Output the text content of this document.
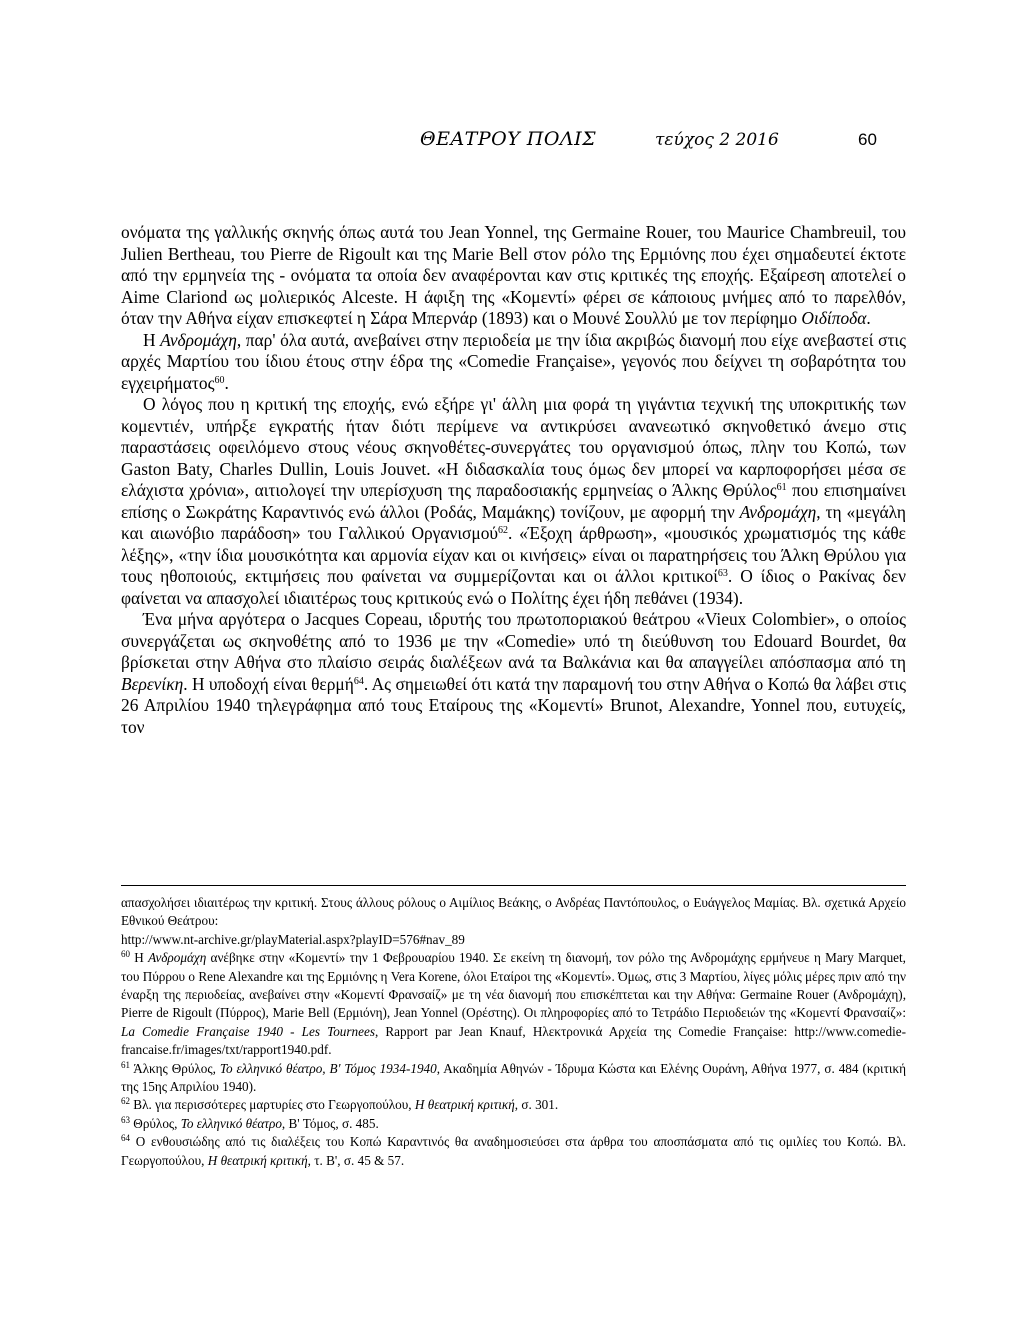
ΘΕΑΤΡΟΥ ΠΟΛΙΣ	τεύχος 2 2016	60

ονόματα της γαλλικής σκηνής όπως αυτά του Jean Yonnel, της Germaine Rouer, του Maurice Chambreuil, του Julien Bertheau, του Pierre de Rigoult και της Marie Bell στον ρόλο της Ερμιόνης που έχει σημαδευτεί έκτοτε από την ερμηνεία της - ονόματα τα οποία δεν αναφέρονται καν στις κριτικές της εποχής. Εξαίρεση αποτελεί ο Aime Clariond ως μολιερικός Alceste. Η άφιξη της «Κομεντί» φέρει σε κάποιους μνήμες από το παρελθόν, όταν την Αθήνα είχαν επισκεφτεί η Σάρα Μπερνάρ (1893) και ο Μουνέ Σουλλύ με τον περίφημο Οιδίποδα.

Η Ανδρομάχη, παρ' όλα αυτά, ανεβαίνει στην περιοδεία με την ίδια ακριβώς διανομή που είχε ανεβαστεί στις αρχές Μαρτίου του ίδιου έτους στην έδρα της «Comedie Française», γεγονός που δείχνει τη σοβαρότητα του εγχειρήματος$^{60}$.

Ο λόγος που η κριτική της εποχής, ενώ εξήρε γι' άλλη μια φορά τη γιγάντια τεχνική της υποκριτικής των κομεντιέν, υπήρξε εγκρατής ήταν διότι περίμενε να αντικρύσει ανανεωτικό σκηνοθετικό άνεμο στις παραστάσεις οφειλόμενο στους νέους σκηνοθέτες-συνεργάτες του οργανισμού όπως, πλην του Κοπώ, των Gaston Baty, Charles Dullin, Louis Jouvet. «Η διδασκαλία τους όμως δεν μπορεί να καρποφορήσει μέσα σε ελάχιστα χρόνια», αιτιολογεί την υπερίσχυση της παραδοσιακής ερμηνείας ο Άλκης Θρύλος$^{61}$ που επισημαίνει επίσης ο Σωκράτης Καραντινός ενώ άλλοι (Ροδάς, Μαμάκης) τονίζουν, με αφορμή την Ανδρομάχη, τη «μεγάλη και αιωνόβιο παράδοση» του Γαλλικού Οργανισμού$^{62}$. «Έξοχη άρθρωση», «μουσικός χρωματισμός της κάθε λέξης», «την ίδια μουσικότητα και αρμονία είχαν και οι κινήσεις» είναι οι παρατηρήσεις του Άλκη Θρύλου για τους ηθοποιούς, εκτιμήσεις που φαίνεται να συμμερίζονται και οι άλλοι κριτικοί$^{63}$. Ο ίδιος ο Ρακίνας δεν φαίνεται να απασχολεί ιδιαιτέρως τους κριτικούς ενώ ο Πολίτης έχει ήδη πεθάνει (1934).

Ένα μήνα αργότερα ο Jacques Copeau, ιδρυτής του πρωτοποριακού θεάτρου «Vieux Colombier», ο οποίος συνεργάζεται ως σκηνοθέτης από το 1936 με την «Comedie» υπό τη διεύθυνση του Edouard Bourdet, θα βρίσκεται στην Αθήνα στο πλαίσιο σειράς διαλέξεων ανά τα Βαλκάνια και θα απαγγείλει απόσπασμα από τη Βερενίκη. Η υποδοχή είναι θερμή$^{64}$. Ας σημειωθεί ότι κατά την παραμονή του στην Αθήνα ο Κοπώ θα λάβει στις 26 Απριλίου 1940 τηλεγράφημα από τους Εταίρους της «Κομεντί» Brunot, Alexandre, Yonnel που, ευτυχείς, τον

απασχολήσει ιδιαιτέρως την κριτική. Στους άλλους ρόλους ο Αιμίλιος Βεάκης, ο Ανδρέας Παντόπουλος, ο Ευάγγελος Μαμίας. Βλ. σχετικά Αρχείο Εθνικού Θεάτρου:
http://www.nt-archive.gr/playMaterial.aspx?playID=576#nav_89

$^{60}$ Η Ανδρομάχη ανέβηκε στην «Κομεντί» την 1 Φεβρουαρίου 1940. Σε εκείνη τη διανομή, τον ρόλο της Ανδρομάχης ερμήνευε η Mary Marquet, του Πύρρου ο Rene Alexandre και της Ερμιόνης η Vera Korene, όλοι Εταίροι της «Κομεντί». Όμως, στις 3 Μαρτίου, λίγες μόλις μέρες πριν από την έναρξη της περιοδείας, ανεβαίνει στην «Κομεντί Φρανσαίζ» με τη νέα διανομή που επισκέπτεται και την Αθήνα: Germaine Rouer (Ανδρομάχη), Pierre de Rigoult (Πύρρος), Marie Bell (Ερμιόνη), Jean Yonnel (Ορέστης). Οι πληροφορίες από το Τετράδιο Περιοδειών της «Κομεντί Φρανσαίζ»: La Comedie Française 1940 - Les Tournees, Rapport par Jean Knauf, Ηλεκτρονικά Αρχεία της Comedie Française: http://www.comedie-francaise.fr/images/txt/rapport1940.pdf.

$^{61}$ Άλκης Θρύλος, Το ελληνικό θέατρο, Β' Τόμος 1934-1940, Ακαδημία Αθηνών - Ίδρυμα Κώστα και Ελένης Ουράνη, Αθήνα 1977, σ. 484 (κριτική της 15ης Απριλίου 1940).

$^{62}$ Βλ. για περισσότερες μαρτυρίες στο Γεωργοπούλου, Η θεατρική κριτική, σ. 301.

$^{63}$ Θρύλος, Το ελληνικό θέατρο, Β' Τόμος, σ. 485.

$^{64}$ Ο ενθουσιώδης από τις διαλέξεις του Κοπώ Καραντινός θα αναδημοσιεύσει στα άρθρα του αποσπάσματα από τις ομιλίες του Κοπώ. Βλ. Γεωργοπούλου, Η θεατρική κριτική, τ. Β', σ. 45 & 57.
